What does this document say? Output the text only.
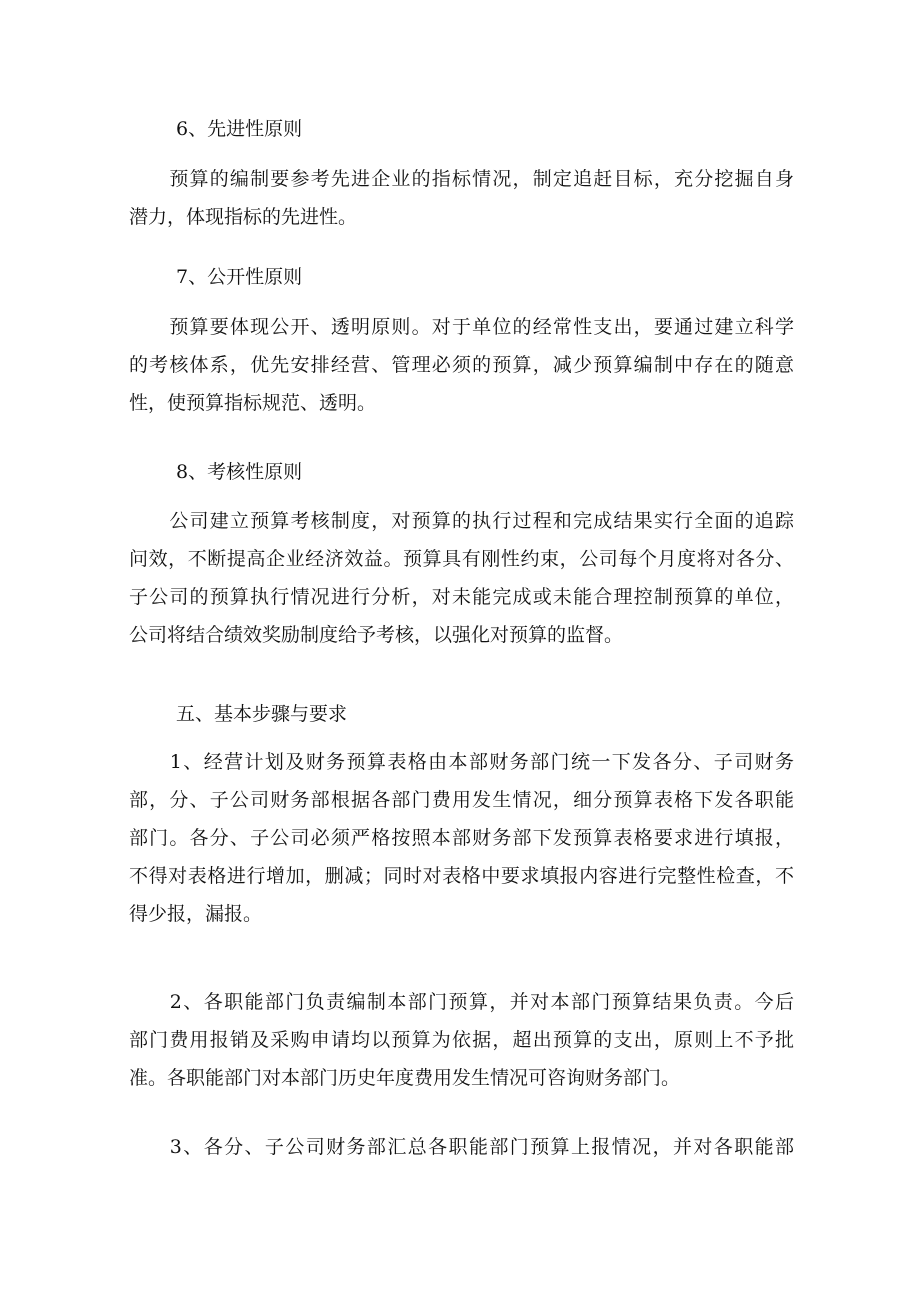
6、先进性原则

　　预算的编制要参考先进企业的指标情况，制定追赶目标，充分挖掘自身
潜力，体现指标的先进性。

7、公开性原则

　　预算要体现公开、透明原则。对于单位的经常性支出，要通过建立科学
的考核体系，优先安排经营、管理必须的预算，减少预算编制中存在的随意
性，使预算指标规范、透明。

8、考核性原则

　　公司建立预算考核制度，对预算的执行过程和完成结果实行全面的追踪
问效，不断提高企业经济效益。预算具有刚性约束，公司每个月度将对各分、
子公司的预算执行情况进行分析，对未能完成或未能合理控制预算的单位，
公司将结合绩效奖励制度给予考核，以强化对预算的监督。

五、基本步骤与要求

　　1、经营计划及财务预算表格由本部财务部门统一下发各分、子司财务
部，分、子公司财务部根据各部门费用发生情况，细分预算表格下发各职能
部门。各分、子公司必须严格按照本部财务部下发预算表格要求进行填报，
不得对表格进行增加，删减；同时对表格中要求填报内容进行完整性检查，不
得少报，漏报。

　　2、各职能部门负责编制本部门预算，并对本部门预算结果负责。今后
部门费用报销及采购申请均以预算为依据，超出预算的支出，原则上不予批
准。各职能部门对本部门历史年度费用发生情况可咨询财务部门。

　　3、各分、子公司财务部汇总各职能部门预算上报情况，并对各职能部
